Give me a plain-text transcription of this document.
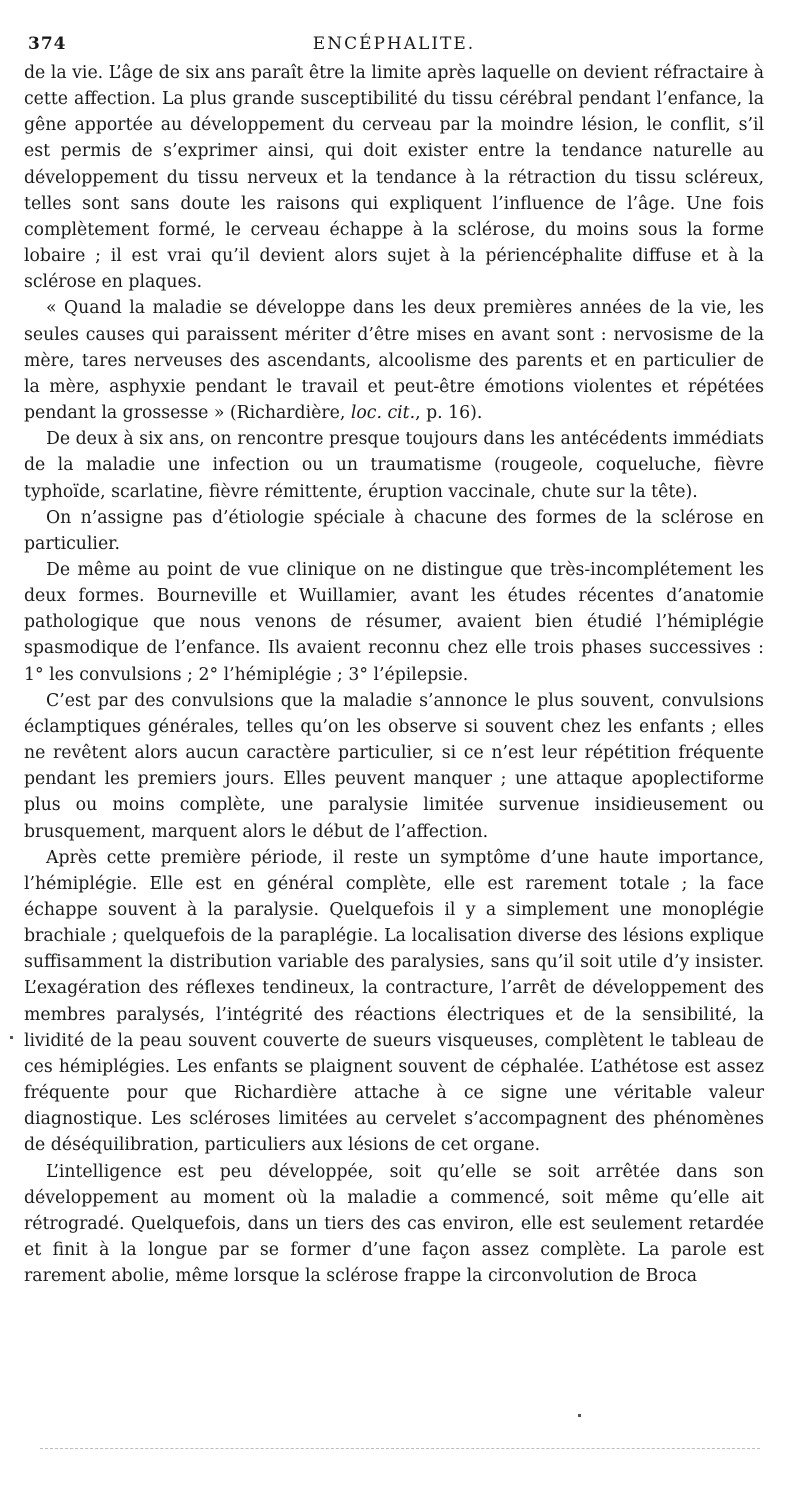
374	ENCÉPHALITE.

de la vie. L’âge de six ans paraît être la limite après laquelle on devient réfractaire à cette affection. La plus grande susceptibilité du tissu cérébral pendant l’enfance, la gêne apportée au développement du cerveau par la moindre lésion, le conflit, s’il est permis de s’exprimer ainsi, qui doit exister entre la tendance naturelle au développement du tissu nerveux et la tendance à la rétraction du tissu scléreux, telles sont sans doute les raisons qui expliquent l’influence de l’âge. Une fois complètement formé, le cerveau échappe à la sclérose, du moins sous la forme lobaire ; il est vrai qu’il devient alors sujet à la périencéphalite diffuse et à la sclérose en plaques.

« Quand la maladie se développe dans les deux premières années de la vie, les seules causes qui paraissent mériter d’être mises en avant sont : nervosisme de la mère, tares nerveuses des ascendants, alcoolisme des parents et en particulier de la mère, asphyxie pendant le travail et peut-être émotions violentes et répétées pendant la grossesse » (Richardière, loc. cit., p. 16).

De deux à six ans, on rencontre presque toujours dans les antécédents immédiats de la maladie une infection ou un traumatisme (rougeole, coqueluche, fièvre typhoïde, scarlatine, fièvre rémittente, éruption vaccinale, chute sur la tête).

On n’assigne pas d’étiologie spéciale à chacune des formes de la sclérose en particulier.

De même au point de vue clinique on ne distingue que très-incomplétement les deux formes. Bourneville et Wuillamier, avant les études récentes d’anatomie pathologique que nous venons de résumer, avaient bien étudié l’hémiplégie spasmodique de l’enfance. Ils avaient reconnu chez elle trois phases successives : 1° les convulsions ; 2° l’hémiplégie ; 3° l’épilepsie.

C’est par des convulsions que la maladie s’annonce le plus souvent, convulsions éclamptiques générales, telles qu’on les observe si souvent chez les enfants ; elles ne revêtent alors aucun caractère particulier, si ce n’est leur répétition fréquente pendant les premiers jours. Elles peuvent manquer ; une attaque apoplectiforme plus ou moins complète, une paralysie limitée survenue insidieusement ou brusquement, marquent alors le début de l’affection.

Après cette première période, il reste un symptôme d’une haute importance, l’hémiplégie. Elle est en général complète, elle est rarement totale ; la face échappe souvent à la paralysie. Quelquefois il y a simplement une monoplégie brachiale ; quelquefois de la paraplégie. La localisation diverse des lésions explique suffisamment la distribution variable des paralysies, sans qu’il soit utile d’y insister. L’exagération des réflexes tendineux, la contracture, l’arrêt de développement des membres paralysés, l’intégrité des réactions électriques et de la sensibilité, la lividité de la peau souvent couverte de sueurs visqueuses, complètent le tableau de ces hémiplégies. Les enfants se plaignent souvent de céphalée. L’athétose est assez fréquente pour que Richardière attache à ce signe une véritable valeur diagnostique. Les scléroses limitées au cervelet s’accompagnent des phénomènes de déséquilibration, particuliers aux lésions de cet organe.

L’intelligence est peu développée, soit qu’elle se soit arrêtée dans son développement au moment où la maladie a commencé, soit même qu’elle ait rétrogradé. Quelquefois, dans un tiers des cas environ, elle est seulement retardée et finit à la longue par se former d’une façon assez complète. La parole est rarement abolie, même lorsque la sclérose frappe la circonvolution de Broca
